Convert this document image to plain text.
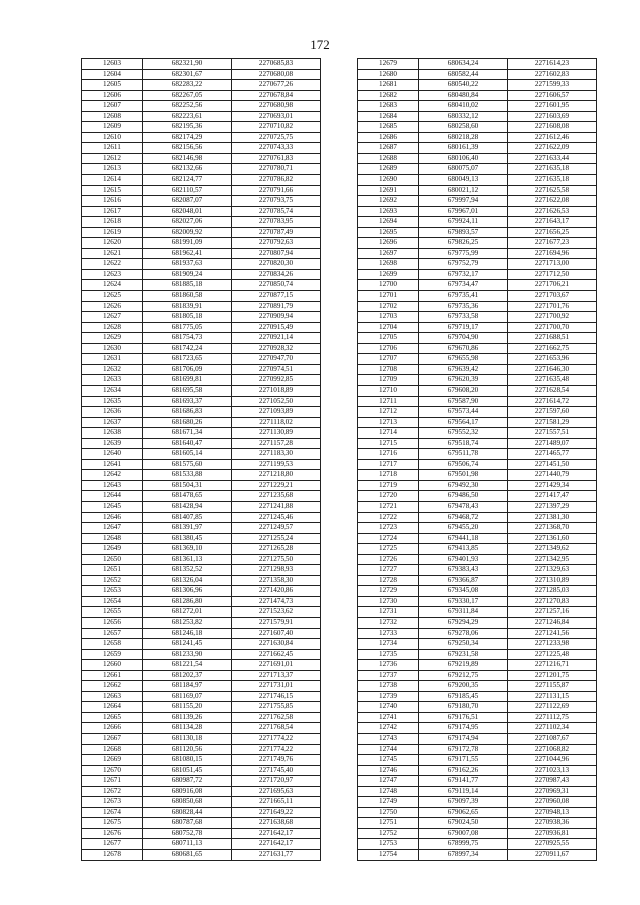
172
12603	682321,90	2270685,83
12604	682301,67	2270680,08
12605	682283,22	2270677,26
12606	682267,05	2270678,84
12607	682252,56	2270680,98
12608	682223,61	2270693,01
12609	682195,36	2270710,82
12610	682174,29	2270725,75
12611	682156,56	2270743,33
12612	682146,98	2270761,83
12613	682132,66	2270780,71
12614	682124,77	2270786,82
12615	682110,57	2270791,66
12616	682087,07	2270793,75
12617	682048,01	2270785,74
12618	682027,06	2270783,95
12619	682009,92	2270787,49
12620	681991,09	2270792,63
12621	681962,41	2270807,94
12622	681937,63	2270820,30
12623	681909,24	2270834,26
12624	681885,18	2270850,74
12625	681860,58	2270877,15
12626	681839,91	2270891,79
12627	681805,18	2270909,94
12628	681775,05	2270915,49
12629	681754,73	2270921,14
12630	681742,24	2270928,32
12631	681723,65	2270947,70
12632	681706,09	2270974,51
12633	681699,81	2270992,85
12634	681695,58	2271018,89
12635	681693,37	2271052,50
12636	681686,83	2271093,89
12637	681680,26	2271118,02
12638	681671,34	2271130,89
12639	681640,47	2271157,28
12640	681605,14	2271183,30
12641	681575,60	2271199,53
12642	681533,88	2271218,80
12643	681504,31	2271229,21
12644	681478,65	2271235,68
12645	681428,94	2271241,88
12646	681407,85	2271245,46
12647	681391,97	2271249,57
12648	681380,45	2271255,24
12649	681369,10	2271265,28
12650	681361,13	2271275,50
12651	681352,52	2271298,93
12652	681326,04	2271358,30
12653	681306,96	2271420,86
12654	681286,80	2271474,73
12655	681272,01	2271523,62
12656	681253,82	2271579,91
12657	681246,18	2271607,40
12658	681241,45	2271630,84
12659	681233,90	2271662,45
12660	681221,54	2271691,01
12661	681202,37	2271713,37
12662	681184,97	2271731,01
12663	681169,07	2271746,15
12664	681155,20	2271755,85
12665	681139,26	2271762,58
12666	681134,28	2271768,54
12667	681130,18	2271774,22
12668	681120,56	2271774,22
12669	681080,15	2271749,76
12670	681051,45	2271745,40
12671	680987,72	2271720,97
12672	680916,08	2271695,63
12673	680850,68	2271665,11
12674	680828,44	2271649,22
12675	680787,68	2271638,68
12676	680752,78	2271642,17
12677	680711,13	2271642,17
12678	680681,65	2271631,77
12679	680634,24	2271614,23
12680	680582,44	2271602,83
12681	680540,22	2271599,33
12682	680480,84	2271606,57
12683	680410,02	2271601,95
12684	680332,12	2271603,69
12685	680258,60	2271608,08
12686	680218,28	2271612,46
12687	680161,39	2271622,09
12688	680106,40	2271633,44
12689	680075,07	2271635,18
12690	680049,13	2271635,18
12691	680021,12	2271625,58
12692	679997,94	2271622,08
12693	679967,01	2271626,53
12694	679924,11	2271643,17
12695	679893,57	2271656,25
12696	679826,25	2271677,23
12697	679775,99	2271694,96
12698	679752,79	2271713,00
12699	679732,17	2271712,50
12700	679734,47	2271706,21
12701	679735,41	2271703,67
12702	679735,36	2271701,76
12703	679733,58	2271700,92
12704	679719,17	2271700,70
12705	679704,90	2271688,51
12706	679670,86	2271662,75
12707	679655,98	2271653,96
12708	679639,42	2271646,30
12709	679620,39	2271635,48
12710	679608,20	2271628,54
12711	679587,90	2271614,72
12712	679573,44	2271597,60
12713	679564,17	2271581,29
12714	679552,32	2271557,51
12715	679518,74	2271489,07
12716	679511,78	2271465,77
12717	679506,74	2271451,50
12718	679501,98	2271440,79
12719	679492,30	2271429,34
12720	679486,50	2271417,47
12721	679478,43	2271397,29
12722	679468,72	2271381,30
12723	679455,20	2271368,70
12724	679441,18	2271361,60
12725	679413,85	2271349,62
12726	679401,93	2271342,95
12727	679383,43	2271329,63
12728	679366,87	2271310,89
12729	679345,08	2271285,03
12730	679330,17	2271270,83
12731	679311,84	2271257,16
12732	679294,29	2271246,84
12733	679278,06	2271241,56
12734	679250,34	2271233,98
12735	679231,58	2271225,48
12736	679219,89	2271216,71
12737	679212,75	2271201,75
12738	679200,35	2271155,87
12739	679185,45	2271131,15
12740	679180,70	2271122,69
12741	679176,51	2271112,75
12742	679174,95	2271102,34
12743	679174,94	2271087,67
12744	679172,78	2271068,82
12745	679171,55	2271044,96
12746	679162,26	2271023,13
12747	679141,77	2270987,43
12748	679119,14	2270969,31
12749	679097,39	2270960,08
12750	679062,65	2270948,13
12751	679024,50	2270938,36
12752	679007,08	2270936,81
12753	678999,75	2270925,55
12754	678997,34	2270911,67
